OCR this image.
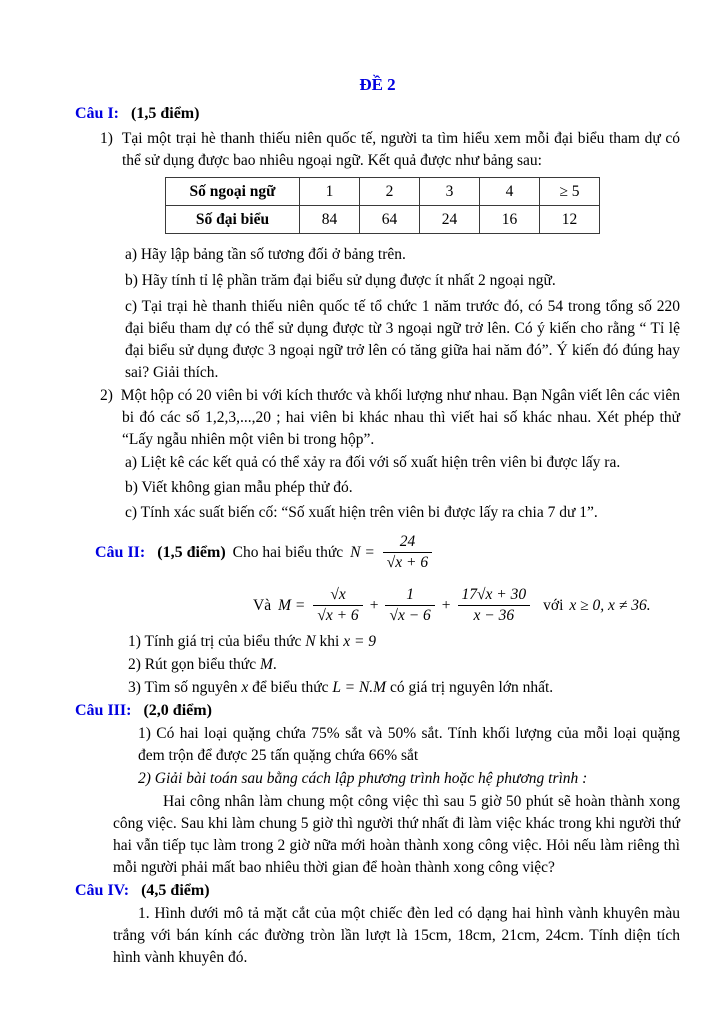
ĐỀ 2

Câu I: (1,5 điểm)

1)  Tại một trại hè thanh thiếu niên quốc tế, người ta tìm hiểu xem mỗi đại biểu tham dự có thể sử dụng được bao nhiêu ngoại ngữ. Kết quả được như bảng sau:

Số ngoại ngữ	1	2	3	4	≥ 5
Số đại biểu	84	64	24	16	12

a) Hãy lập bảng tần số tương đối ở bảng trên.

b) Hãy tính tỉ lệ phần trăm đại biểu sử dụng được ít nhất 2 ngoại ngữ.

c) Tại trại hè thanh thiếu niên quốc tế tổ chức 1 năm trước đó, có 54 trong tổng số 220 đại biểu tham dự có thể sử dụng được từ 3 ngoại ngữ trở lên. Có ý kiến cho rằng “ Tỉ lệ đại biểu sử dụng được 3 ngoại ngữ trở lên có tăng giữa hai năm đó”. Ý kiến đó đúng hay sai? Giải thích.

2)  Một hộp có 20 viên bi với kích thước và khối lượng như nhau. Bạn Ngân viết lên các viên bi đó các số 1,2,3,...,20 ; hai viên bi khác nhau thì viết hai số khác nhau. Xét phép thử “Lấy ngẫu nhiên một viên bi trong hộp”.

a) Liệt kê các kết quả có thể xảy ra đối với số xuất hiện trên viên bi được lấy ra.

b) Viết không gian mẫu phép thử đó.

c) Tính xác suất biến cố: “Số xuất hiện trên viên bi được lấy ra chia 7 dư 1”.

Câu II: (1,5 điểm) Cho hai biểu thức $N = \frac{24}{√x + 6}$
Và $M = \frac{√x}{√x + 6} + \frac{1}{√x - 6} + \frac{17√x + 30}{x - 36}$ với x ≥ 0, x ≠ 36.

1) Tính giá trị của biểu thức N khi x = 9

2) Rút gọn biểu thức M.

3) Tìm số nguyên x để biểu thức L = N.M có giá trị nguyên lớn nhất.

Câu III: (2,0 điểm)

1) Có hai loại quặng chứa 75% sắt và 50% sắt. Tính khối lượng của mỗi loại quặng đem trộn để được 25 tấn quặng chứa 66% sắt

2) Giải bài toán sau bằng cách lập phương trình hoặc hệ phương trình :

Hai công nhân làm chung một công việc thì sau 5 giờ 50 phút sẽ hoàn thành xong công việc. Sau khi làm chung 5 giờ thì người thứ nhất đi làm việc khác trong khi người thứ hai vẫn tiếp tục làm trong 2 giờ nữa mới hoàn thành xong công việc. Hỏi nếu làm riêng thì mỗi người phải mất bao nhiêu thời gian để hoàn thành xong công việc?

Câu IV: (4,5 điểm)

1. Hình dưới mô tả mặt cắt của một chiếc đèn led có dạng hai hình vành khuyên màu trắng với bán kính các đường tròn lần lượt là 15cm, 18cm, 21cm, 24cm. Tính diện tích hình vành khuyên đó.
